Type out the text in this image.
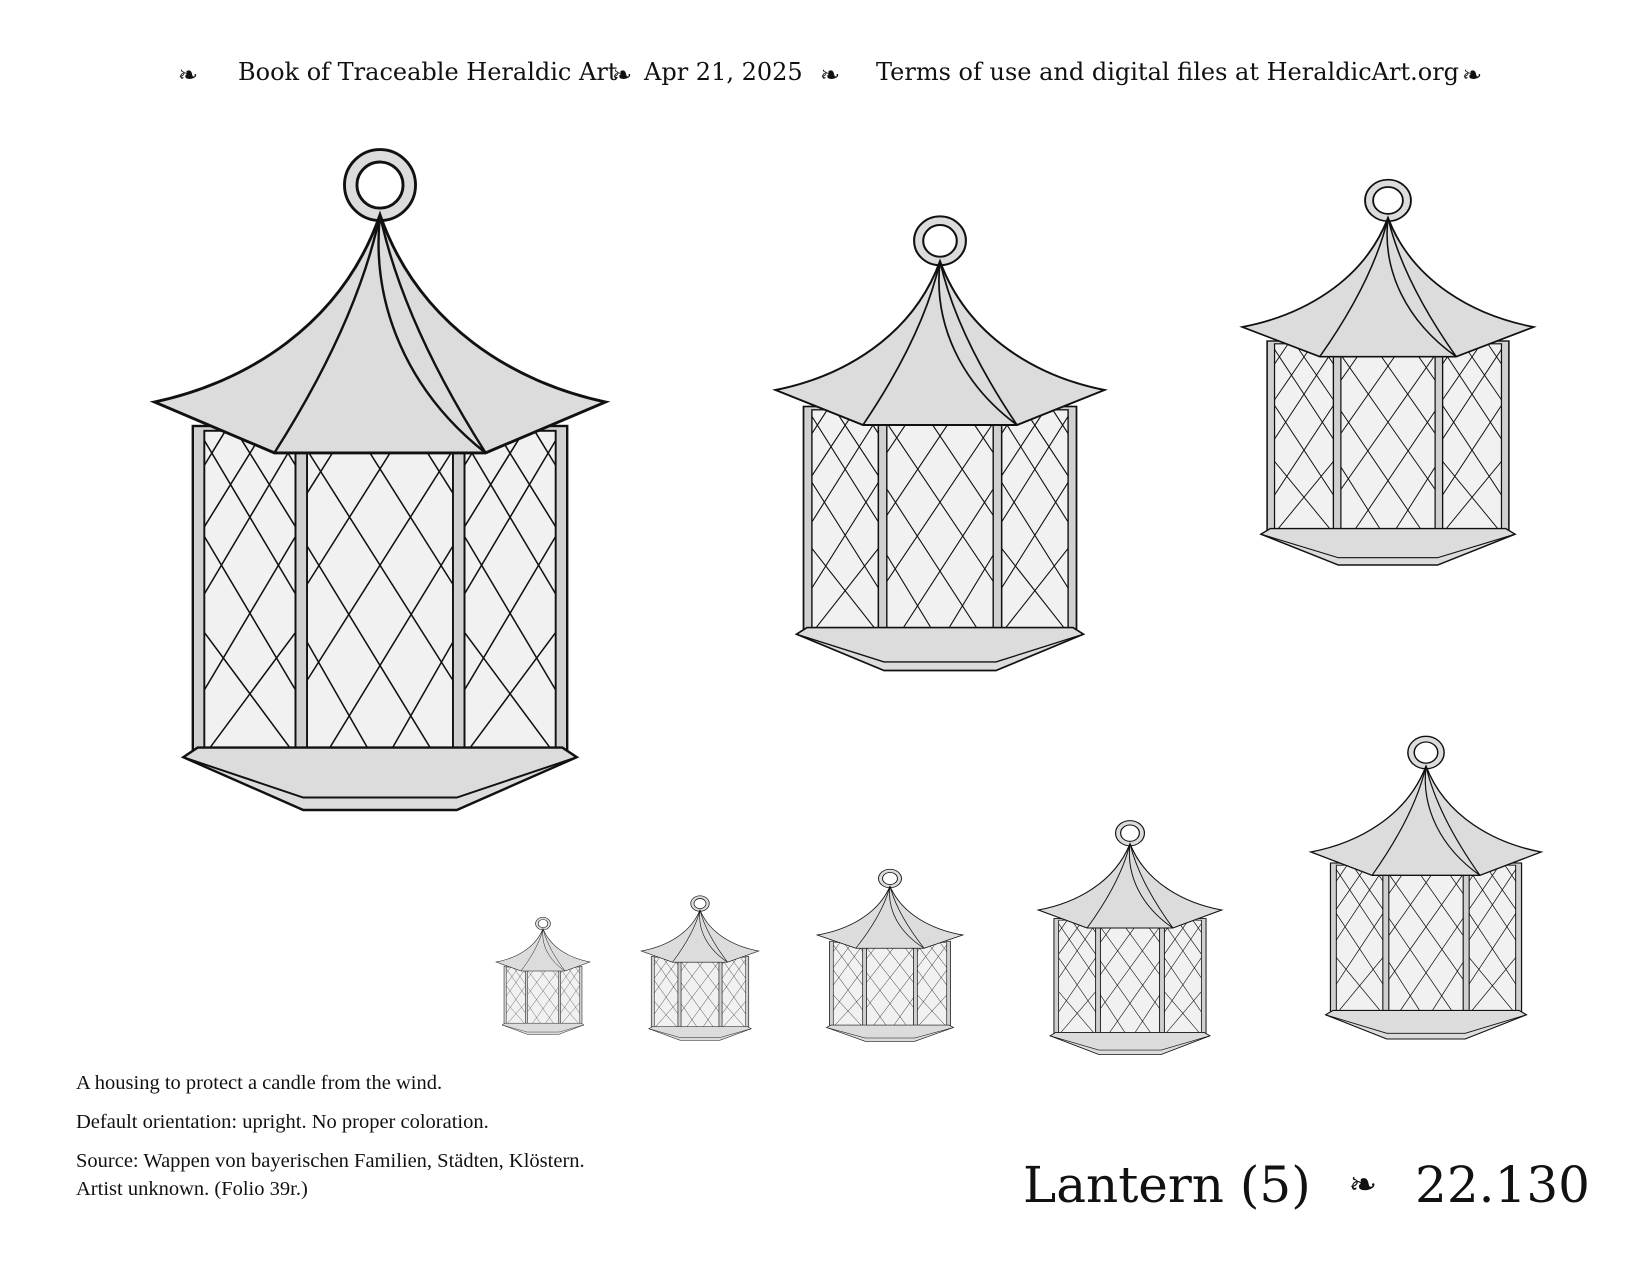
❧ Book of Traceable Heraldic Art
❧ Apr 21, 2025 ❧ Terms of use and digital files at HeraldicArt.org ❧
A housing to protect a candle from the wind.
Default orientation: upright. No proper coloration.
Source: Wappen von bayerischen Familien, Städten, Klöstern.
Artist unknown. (Folio 39r.)	Lantern (5) ❧ 22.130
